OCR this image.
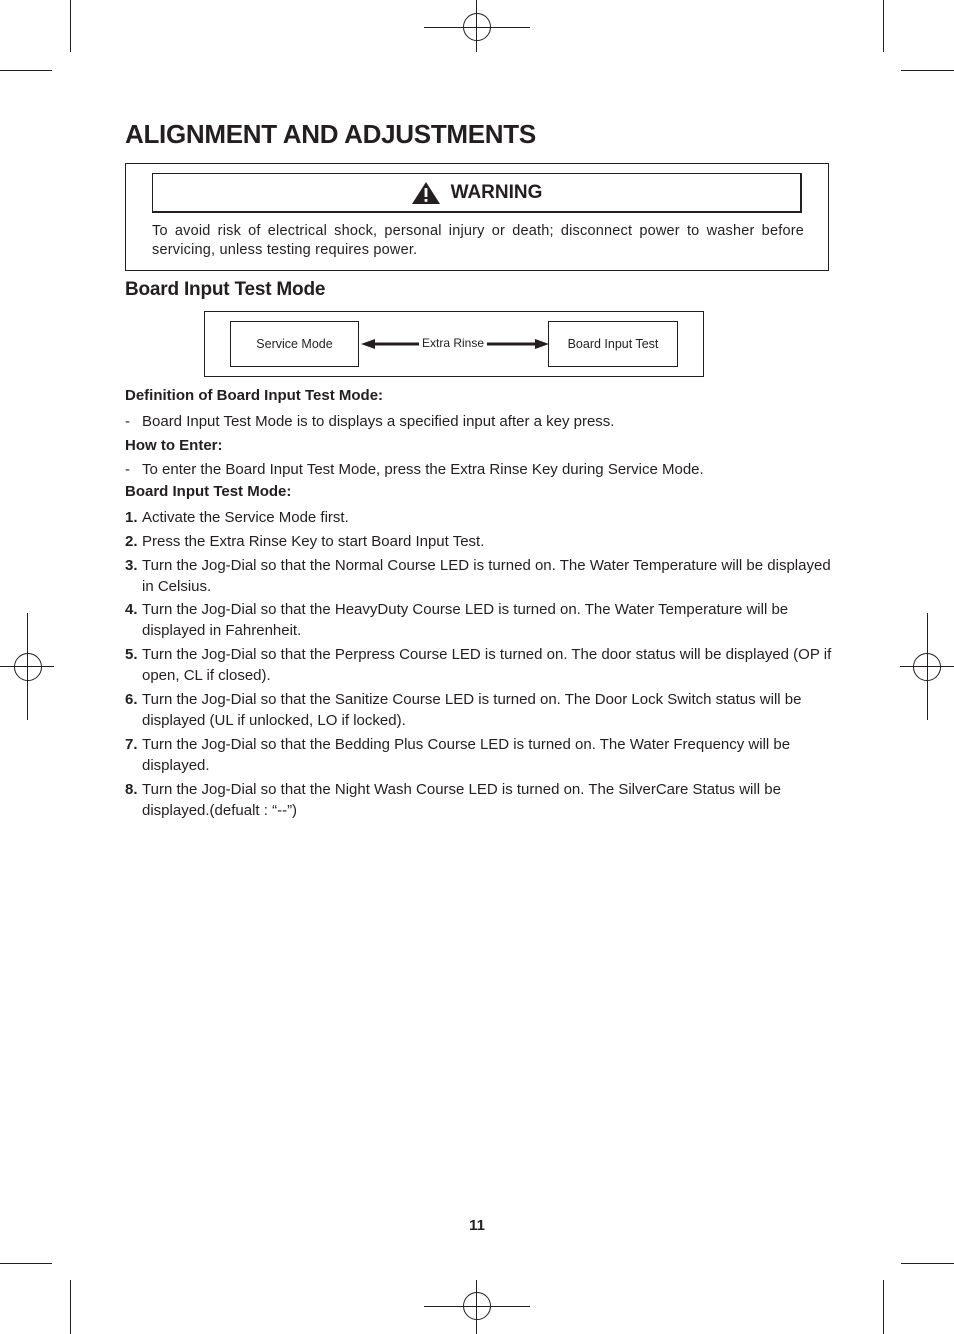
ALIGNMENT AND ADJUSTMENTS
WARNING

To avoid risk of electrical shock, personal injury or death; disconnect power to washer before servicing, unless testing requires power.

Board Input Test Mode
Service Mode	Extra Rinse	Board Input Test
Definition of Board Input Test Mode:
- Board Input Test Mode is to displays a specified input after a key press.
How to Enter:
- To enter the Board Input Test Mode, press the Extra Rinse Key during Service Mode.
Board Input Test Mode:
1. Activate the Service Mode first.
2. Press the Extra Rinse Key to start Board Input Test.
3. Turn the Jog-Dial so that the Normal Course LED is turned on. The Water Temperature will be displayed in Celsius.
4. Turn the Jog-Dial so that the HeavyDuty Course LED is turned on. The Water Temperature will be displayed in Fahrenheit.
5. Turn the Jog-Dial so that the Perpress Course LED is turned on. The door status will be displayed (OP if open, CL if closed).
6. Turn the Jog-Dial so that the Sanitize Course LED is turned on. The Door Lock Switch status will be displayed (UL if unlocked, LO if locked).
7. Turn the Jog-Dial so that the Bedding Plus Course LED is turned on. The Water Frequency will be displayed.
8. Turn the Jog-Dial so that the Night Wash Course LED is turned on. The SilverCare Status will be displayed.(defualt : “--”)
11
